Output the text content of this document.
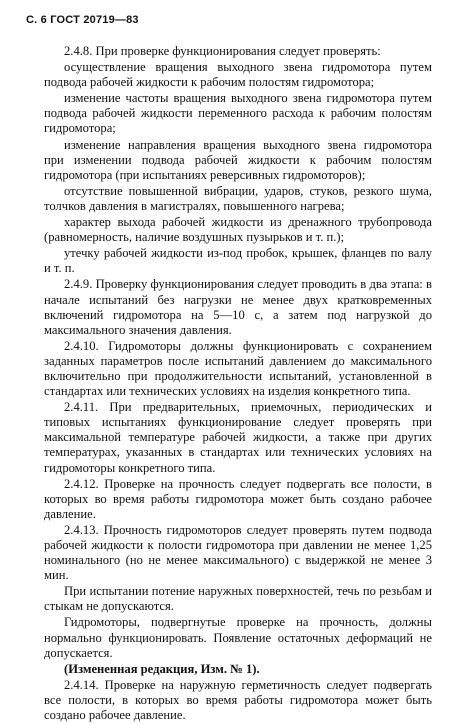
С. 6 ГОСТ 20719—83

2.4.8. При проверке функционирования следует проверять:

осуществление вращения выходного звена гидромотора путем подвода рабочей жидкости к рабочим полостям гидромотора;

изменение частоты вращения выходного звена гидромотора путем подвода рабочей жидкости переменного расхода к рабочим полостям гидромотора;

изменение направления вращения выходного звена гидромотора при изменении подвода рабочей жидкости к рабочим полостям гидромотора (при испытаниях реверсивных гидромоторов);

отсутствие повышенной вибрации, ударов, стуков, резкого шума, толчков давления в магистралях, повышенного нагрева;

характер выхода рабочей жидкости из дренажного трубопровода (равномерность, наличие воздушных пузырьков и т. п.);

утечку рабочей жидкости из-под пробок, крышек, фланцев по валу и т. п.

2.4.9. Проверку функционирования следует проводить в два этапа: в начале испытаний без нагрузки не менее двух кратковременных включений гидромотора на 5—10 с, а затем под нагрузкой до максимального значения давления.

2.4.10. Гидромоторы должны функционировать с сохранением заданных параметров после испытаний давлением до максимального включительно при продолжительности испытаний, установленной в стандартах или технических условиях на изделия конкретного типа.

2.4.11. При предварительных, приемочных, периодических и типовых испытаниях функционирование следует проверять при максимальной температуре рабочей жидкости, а также при других температурах, указанных в стандартах или технических условиях на гидромоторы конкретного типа.

2.4.12. Проверке на прочность следует подвергать все полости, в которых во время работы гидромотора может быть создано рабочее давление.

2.4.13. Прочность гидромоторов следует проверять путем подвода рабочей жидкости к полости гидромотора при давлении не менее 1,25 номинального (но не менее максимального) с выдержкой не менее 3 мин.

При испытании потение наружных поверхностей, течь по резьбам и стыкам не допускаются.

Гидромоторы, подвергнутые проверке на прочность, должны нормально функционировать. Появление остаточных деформаций не допускается.

(Измененная редакция, Изм. № 1).

2.4.14. Проверке на наружную герметичность следует подвергать все полости, в которых во время работы гидромотора может быть создано рабочее давление.
